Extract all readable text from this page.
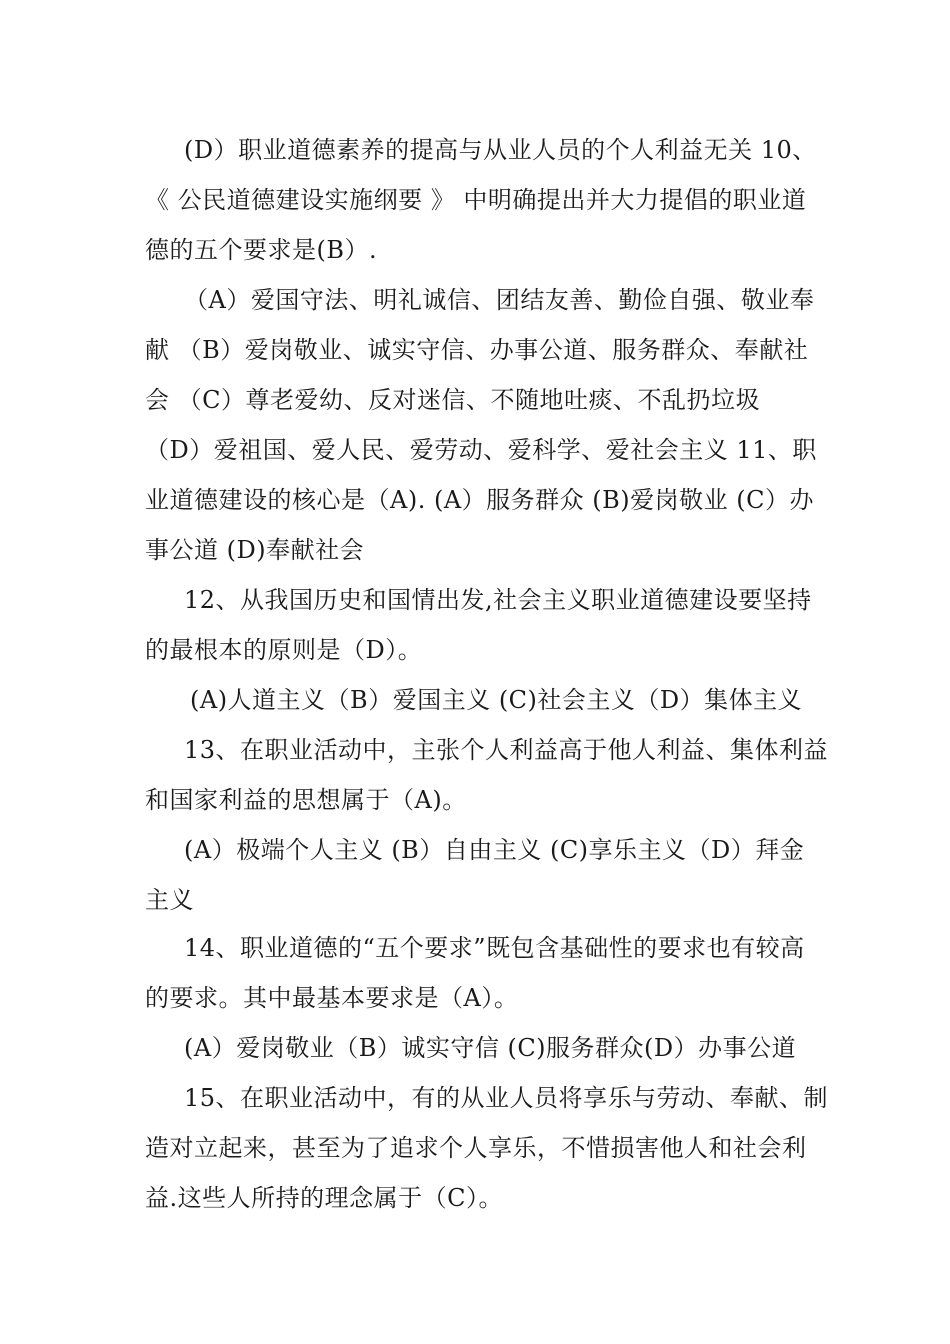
(D）职业道德素养的提高与从业人员的个人利益无关 10、
《 公民道德建设实施纲要 》 中明确提出并大力提倡的职业道
德的五个要求是(B）.
（A）爱国守法、明礼诚信、团结友善、勤俭自强、敬业奉
献 （B）爱岗敬业、诚实守信、办事公道、服务群众、奉献社
会 （C）尊老爱幼、反对迷信、不随地吐痰、不乱扔垃圾
（D）爱祖国、爱人民、爱劳动、爱科学、爱社会主义 11、职
业道德建设的核心是（A). (A）服务群众 (B)爱岗敬业 (C）办
事公道 (D)奉献社会
12、从我国历史和国情出发,社会主义职业道德建设要坚持
的最根本的原则是（D）。
(A)人道主义（B）爱国主义 (C)社会主义（D）集体主义
13、在职业活动中，主张个人利益高于他人利益、集体利益
和国家利益的思想属于（A)。
(A）极端个人主义 (B）自由主义 (C)享乐主义（D）拜金
主义
14、职业道德的“五个要求”既包含基础性的要求也有较高
的要求。其中最基本要求是（A）。
(A）爱岗敬业（B）诚实守信 (C)服务群众(D）办事公道
15、在职业活动中，有的从业人员将享乐与劳动、奉献、制
造对立起来，甚至为了追求个人享乐，不惜损害他人和社会利
益.这些人所持的理念属于（C）。
